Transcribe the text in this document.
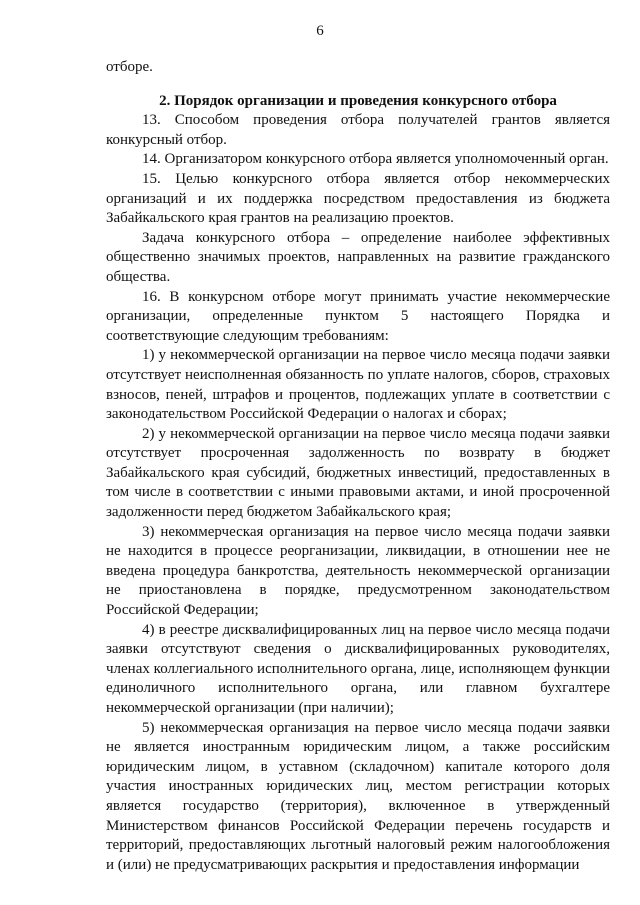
6

отборе.

2. Порядок организации и проведения конкурсного отбора

13. Способом проведения отбора получателей грантов является конкурсный отбор.

14. Организатором конкурсного отбора является уполномоченный орган.

15. Целью конкурсного отбора является отбор некоммерческих организаций и их поддержка посредством предоставления из бюджета Забайкальского края грантов на реализацию проектов.

Задача конкурсного отбора – определение наиболее эффективных общественно значимых проектов, направленных на развитие гражданского общества.

16. В конкурсном отборе могут принимать участие некоммерческие организации, определенные пунктом 5 настоящего Порядка и соответствующие следующим требованиям:

1) у некоммерческой организации на первое число месяца подачи заявки отсутствует неисполненная обязанность по уплате налогов, сборов, страховых взносов, пеней, штрафов и процентов, подлежащих уплате в соответствии с законодательством Российской Федерации о налогах и сборах;

2) у некоммерческой организации на первое число месяца подачи заявки отсутствует просроченная задолженность по возврату в бюджет Забайкальского края субсидий, бюджетных инвестиций, предоставленных в том числе в соответствии с иными правовыми актами, и иной просроченной задолженности перед бюджетом Забайкальского края;

3) некоммерческая организация на первое число месяца подачи заявки не находится в процессе реорганизации, ликвидации, в отношении нее не введена процедура банкротства, деятельность некоммерческой организации не приостановлена в порядке, предусмотренном законодательством Российской Федерации;

4) в реестре дисквалифицированных лиц на первое число месяца подачи заявки отсутствуют сведения о дисквалифицированных руководителях, членах коллегиального исполнительного органа, лице, исполняющем функции единоличного исполнительного органа, или главном бухгалтере некоммерческой организации (при наличии);

5) некоммерческая организация на первое число месяца подачи заявки не является иностранным юридическим лицом, а также российским юридическим лицом, в уставном (складочном) капитале которого доля участия иностранных юридических лиц, местом регистрации которых является государство (территория), включенное в утвержденный Министерством финансов Российской Федерации перечень государств и территорий, предоставляющих льготный налоговый режим налогообложения и (или) не предусматривающих раскрытия и предоставления информации
